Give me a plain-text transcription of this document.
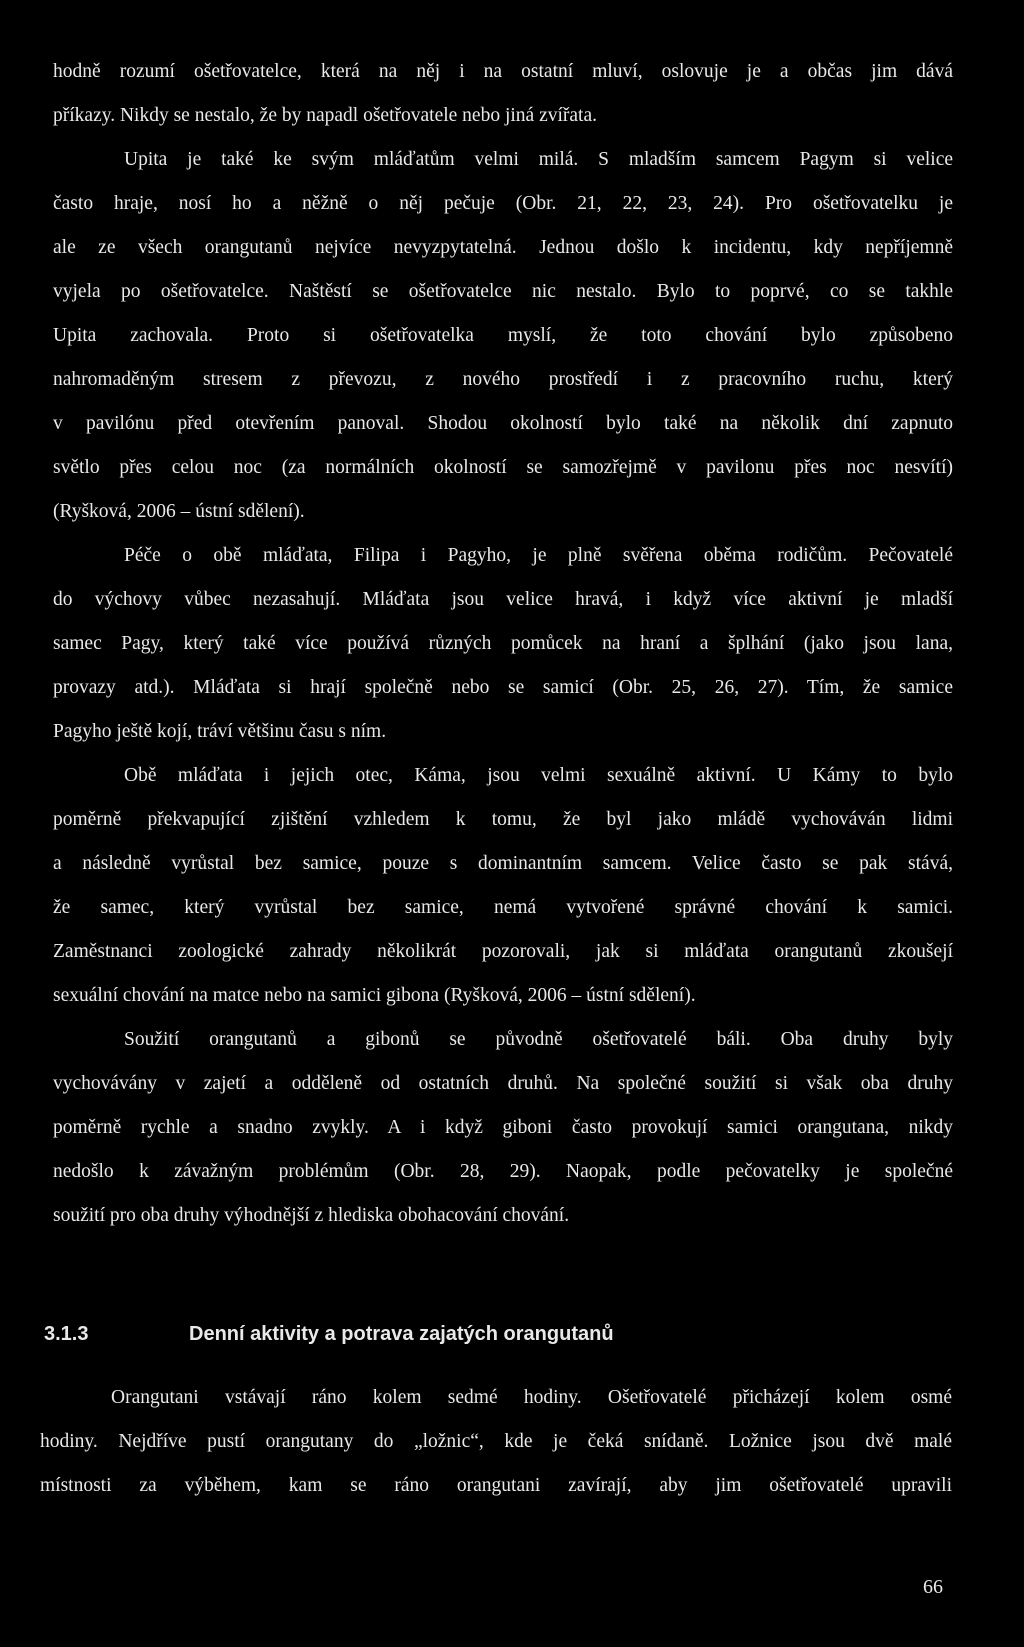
hodně rozumí ošetřovatelce, která na něj i na ostatní mluví, oslovuje je a občas jim dává
příkazy. Nikdy se nestalo, že by napadl ošetřovatele nebo jiná zvířata.
Upita je také ke svým mláďatům velmi milá. S mladším samcem Pagym si velice
často hraje, nosí ho a něžně o něj pečuje (Obr. 21, 22, 23, 24). Pro ošetřovatelku je
ale ze všech orangutanů nejvíce nevyzpytatelná. Jednou došlo k incidentu, kdy nepříjemně
vyjela po ošetřovatelce. Naštěstí se ošetřovatelce nic nestalo. Bylo to poprvé, co se takhle
Upita zachovala. Proto si ošetřovatelka myslí, že toto chování bylo způsobeno
nahromaděným stresem z převozu, z nového prostředí i z pracovního ruchu, který
v pavilónu před otevřením panoval. Shodou okolností bylo také na několik dní zapnuto
světlo přes celou noc (za normálních okolností se samozřejmě v pavilonu přes noc nesvítí)
(Ryšková, 2006 – ústní sdělení).
Péče o obě mláďata, Filipa i Pagyho, je plně svěřena oběma rodičům. Pečovatelé
do výchovy vůbec nezasahují. Mláďata jsou velice hravá, i když více aktivní je mladší
samec Pagy, který také více používá různých pomůcek na hraní a šplhání (jako jsou lana,
provazy atd.). Mláďata si hrají společně nebo se samicí (Obr. 25, 26, 27). Tím, že samice
Pagyho ještě kojí, tráví většinu času s ním.
Obě mláďata i jejich otec, Káma, jsou velmi sexuálně aktivní. U Kámy to bylo
poměrně překvapující zjištění vzhledem k tomu, že byl jako mládě vychováván lidmi
a následně vyrůstal bez samice, pouze s dominantním samcem. Velice často se pak stává,
že samec, který vyrůstal bez samice, nemá vytvořené správné chování k samici.
Zaměstnanci zoologické zahrady několikrát pozorovali, jak si mláďata orangutanů zkoušejí
sexuální chování na matce nebo na samici gibona (Ryšková, 2006 – ústní sdělení).
Soužití orangutanů a gibonů se původně ošetřovatelé báli. Oba druhy byly
vychovávány v zajetí a odděleně od ostatních druhů. Na společné soužití si však oba druhy
poměrně rychle a snadno zvykly. A i když giboni často provokují samici orangutana, nikdy
nedošlo k závažným problémům (Obr. 28, 29). Naopak, podle pečovatelky je společné
soužití pro oba druhy výhodnější z hlediska obohacování chování.
3.1.3	Denní aktivity a potrava zajatých orangutanů
Orangutani vstávají ráno kolem sedmé hodiny. Ošetřovatelé přicházejí kolem osmé
hodiny. Nejdříve pustí orangutany do „ložnic“, kde je čeká snídaně. Ložnice jsou dvě malé
místnosti za výběhem, kam se ráno orangutani zavírají, aby jim ošetřovatelé upravili
66
